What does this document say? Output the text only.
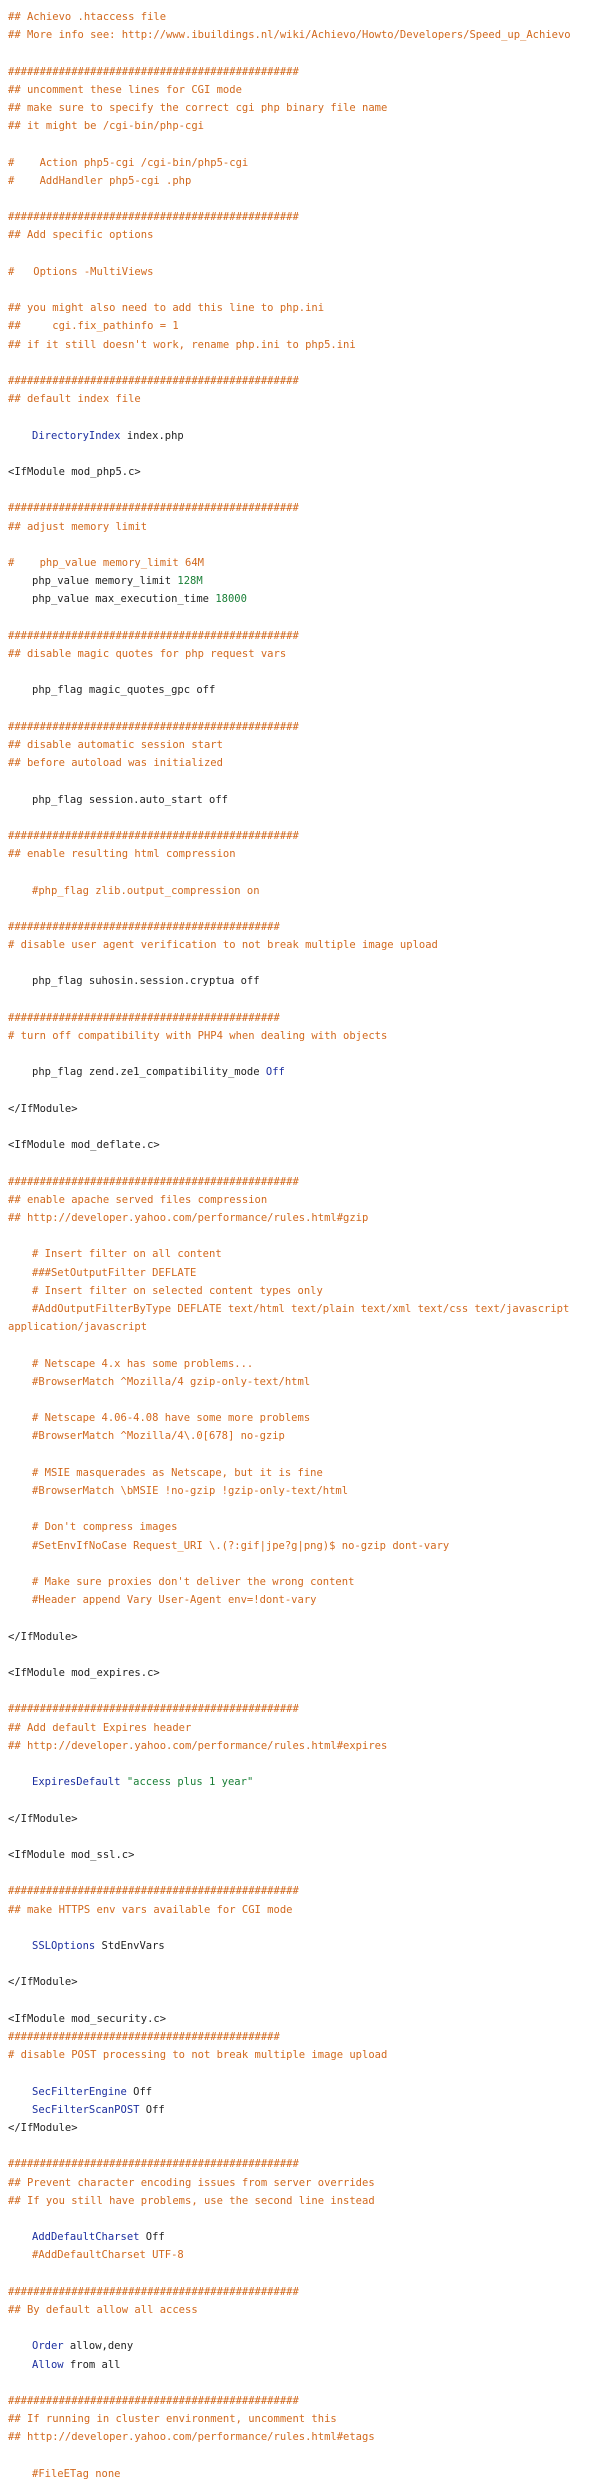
## Achievo .htaccess file
## More info see: http://www.ibuildings.nl/wiki/Achievo/Howto/Developers/Speed_up_Achievo
##############################################
## uncomment these lines for CGI mode
## make sure to specify the correct cgi php binary file name
## it might be /cgi-bin/php-cgi
#    Action php5-cgi /cgi-bin/php5-cgi
#    AddHandler php5-cgi .php
##############################################
## Add specific options
#   Options -MultiViews
## you might also need to add this line to php.ini
##     cgi.fix_pathinfo = 1
## if it still doesn't work, rename php.ini to php5.ini
##############################################
## default index file
DirectoryIndex index.php
<IfModule mod_php5.c>
##############################################
## adjust memory limit
#    php_value memory_limit 64M
php_value memory_limit 128M
php_value max_execution_time 18000
##############################################
## disable magic quotes for php request vars
php_flag magic_quotes_gpc off
##############################################
## disable automatic session start
## before autoload was initialized
php_flag session.auto_start off
##############################################
## enable resulting html compression
#php_flag zlib.output_compression on
###########################################
# disable user agent verification to not break multiple image upload
php_flag suhosin.session.cryptua off
###########################################
# turn off compatibility with PHP4 when dealing with objects
php_flag zend.ze1_compatibility_mode Off
</IfModule>
<IfModule mod_deflate.c>
##############################################
## enable apache served files compression
## http://developer.yahoo.com/performance/rules.html#gzip
# Insert filter on all content
###SetOutputFilter DEFLATE
# Insert filter on selected content types only
#AddOutputFilterByType DEFLATE text/html text/plain text/xml text/css text/javascript
application/javascript
# Netscape 4.x has some problems...
#BrowserMatch ^Mozilla/4 gzip-only-text/html
# Netscape 4.06-4.08 have some more problems
#BrowserMatch ^Mozilla/4\.0[678] no-gzip
# MSIE masquerades as Netscape, but it is fine
#BrowserMatch \bMSIE !no-gzip !gzip-only-text/html
# Don't compress images
#SetEnvIfNoCase Request_URI \.(?:gif|jpe?g|png)$ no-gzip dont-vary
# Make sure proxies don't deliver the wrong content
#Header append Vary User-Agent env=!dont-vary
</IfModule>
<IfModule mod_expires.c>
##############################################
## Add default Expires header
## http://developer.yahoo.com/performance/rules.html#expires
ExpiresDefault "access plus 1 year"
</IfModule>
<IfModule mod_ssl.c>
##############################################
## make HTTPS env vars available for CGI mode
SSLOptions StdEnvVars
</IfModule>
<IfModule mod_security.c>
###########################################
# disable POST processing to not break multiple image upload
SecFilterEngine Off
SecFilterScanPOST Off
</IfModule>
##############################################
## Prevent character encoding issues from server overrides
## If you still have problems, use the second line instead
AddDefaultCharset Off
#AddDefaultCharset UTF-8
##############################################
## By default allow all access
Order allow,deny
Allow from all
##############################################
## If running in cluster environment, uncomment this
## http://developer.yahoo.com/performance/rules.html#etags
#FileETag none
